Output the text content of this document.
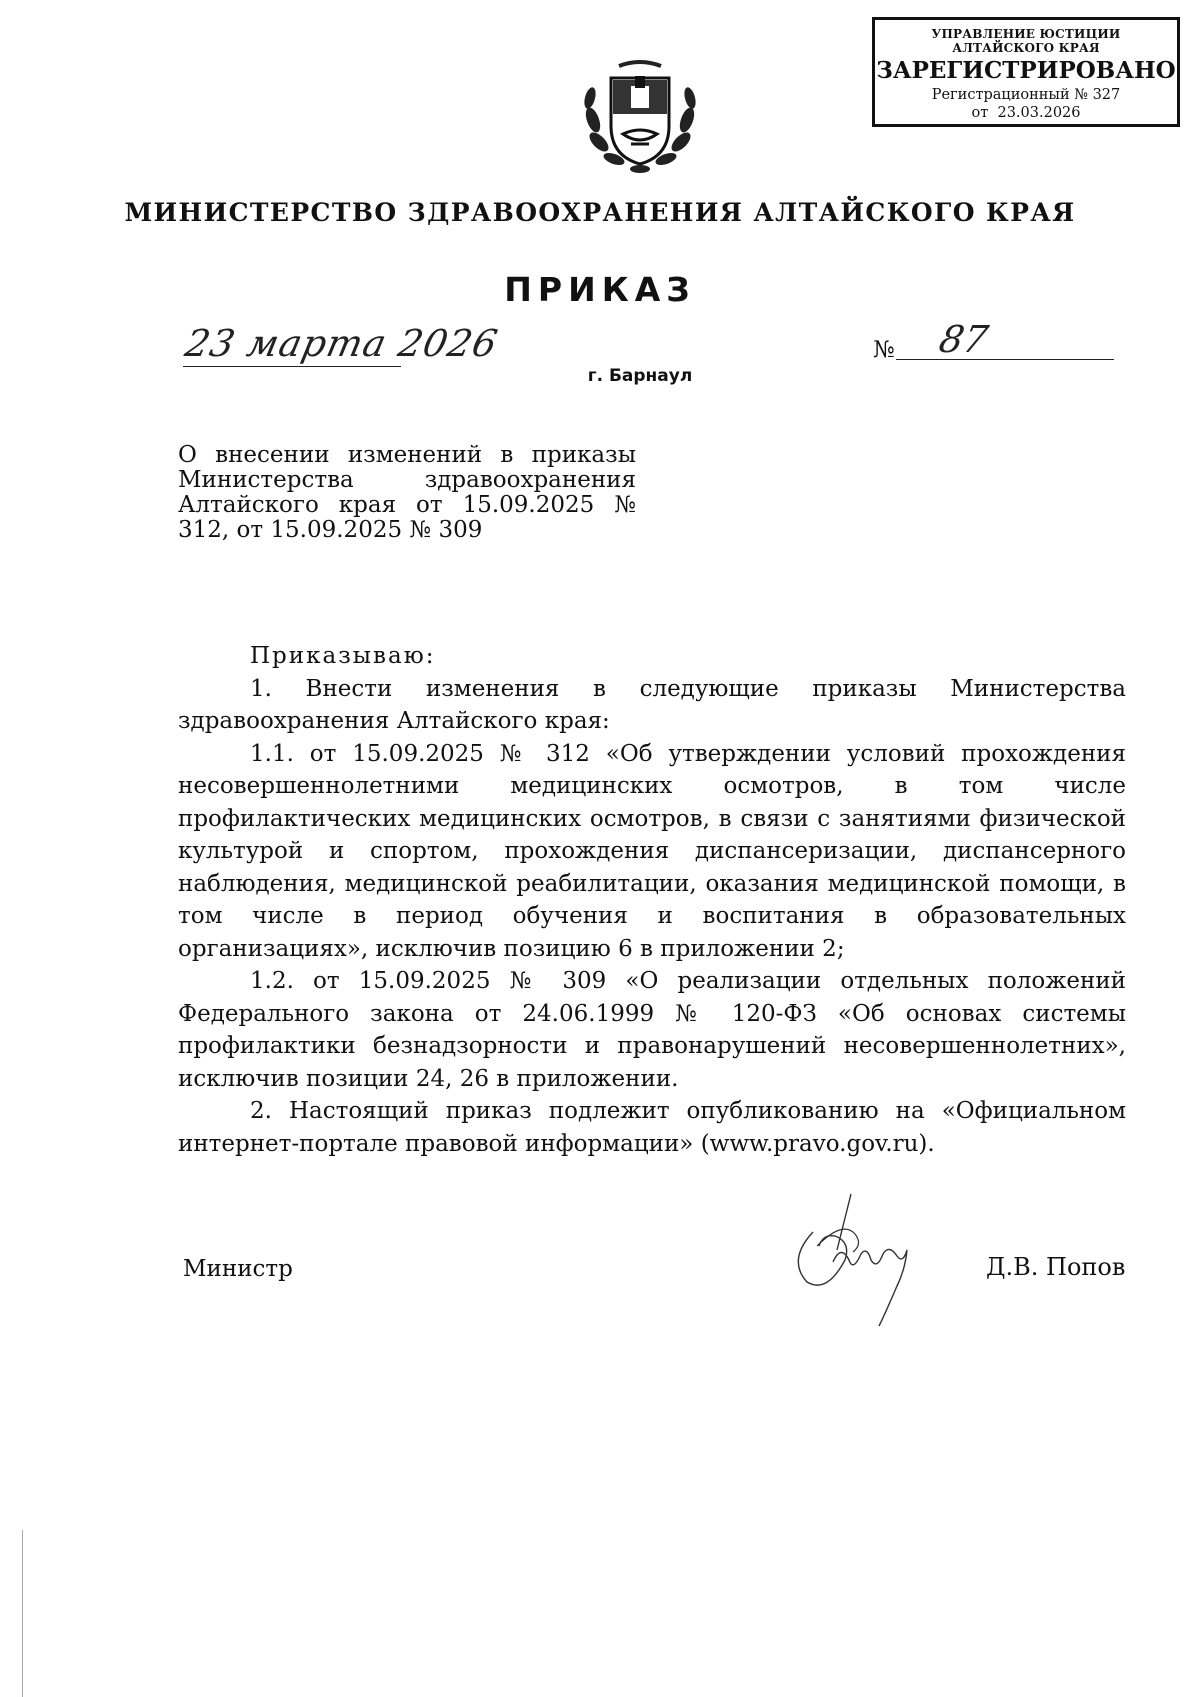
УПРАВЛЕНИЕ ЮСТИЦИИ
АЛТАЙСКОГО КРАЯ
ЗАРЕГИСТРИРОВАНО
Регистрационный № 327
от  23.03.2026
МИНИСТЕРСТВО ЗДРАВООХРАНЕНИЯ АЛТАЙСКОГО КРАЯ
ПРИКАЗ
23 марта 2026	№ 87
г. Барнаул
О внесении изменений в приказы Министерства здравоохранения Алтайского края от 15.09.2025 № 312, от 15.09.2025 № 309

Приказываю:

1. Внести изменения в следующие приказы Министерства здравоохранения Алтайского края:

1.1. от 15.09.2025 № 312 «Об утверждении условий прохождения несовершеннолетними медицинских осмотров, в том числе профилактических медицинских осмотров, в связи с занятиями физической культурой и спортом, прохождения диспансеризации, диспансерного наблюдения, медицинской реабилитации, оказания медицинской помощи, в том числе в период обучения и воспитания в образовательных организациях», исключив позицию 6 в приложении 2;

1.2. от 15.09.2025 № 309 «О реализации отдельных положений Федерального закона от 24.06.1999 № 120-ФЗ «Об основах системы профилактики безнадзорности и правонарушений несовершеннолетних», исключив позиции 24, 26 в приложении.

2. Настоящий приказ подлежит опубликованию на «Официальном интернет-портале правовой информации» (www.pravo.gov.ru).

Министр	Д.В. Попов
